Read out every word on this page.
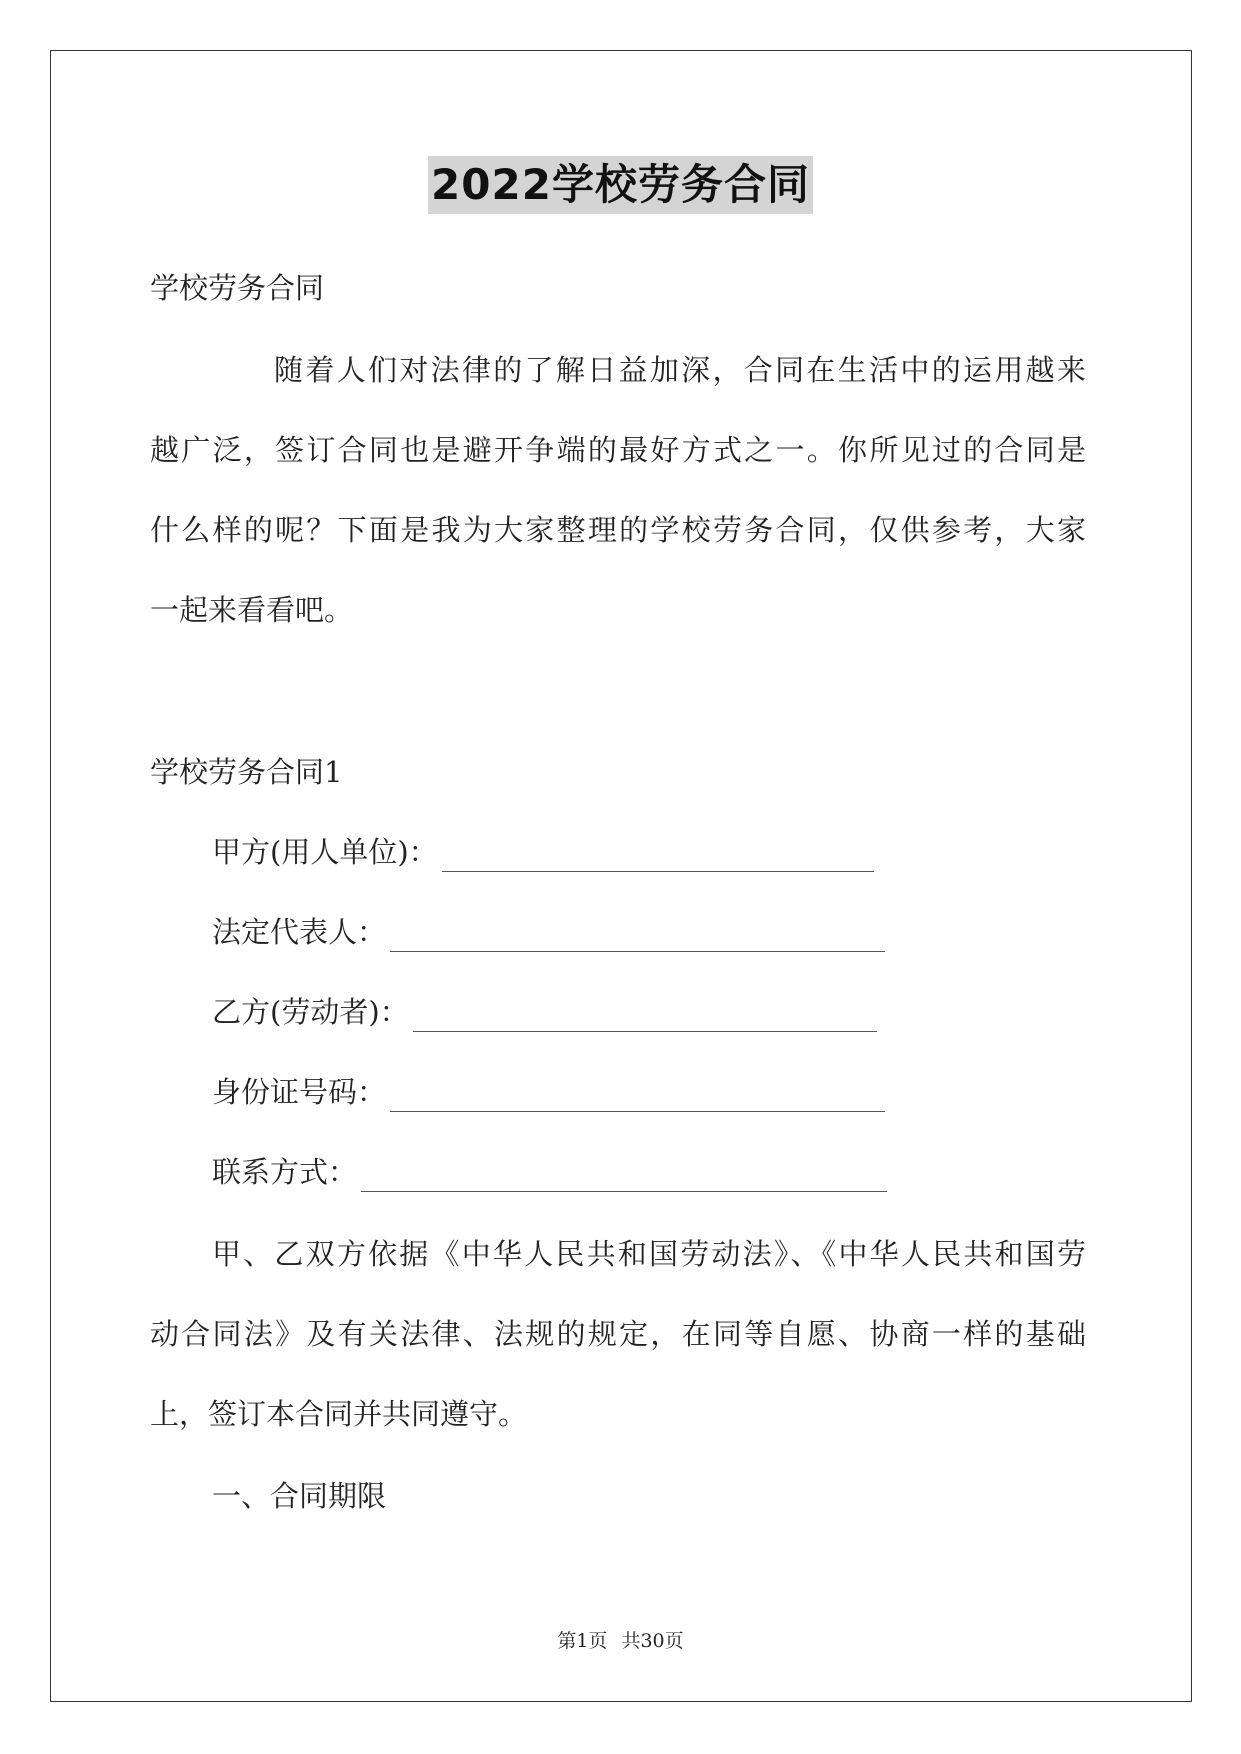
2022学校劳务合同
学校劳务合同
随着人们对法律的了解日益加深，合同在生活中的运用越来
越广泛，签订合同也是避开争端的最好方式之一。你所见过的合同是
什么样的呢？下面是我为大家整理的学校劳务合同，仅供参考，大家
一起来看看吧。
学校劳务合同1
甲方(用人单位)：
法定代表人：
乙方(劳动者)：
身份证号码：
联系方式：
甲、乙双方依据《中华人民共和国劳动法》、《中华人民共和国劳
动合同法》及有关法律、法规的规定，在同等自愿、协商一样的基础
上，签订本合同并共同遵守。
一、合同期限
第1页 共30页
